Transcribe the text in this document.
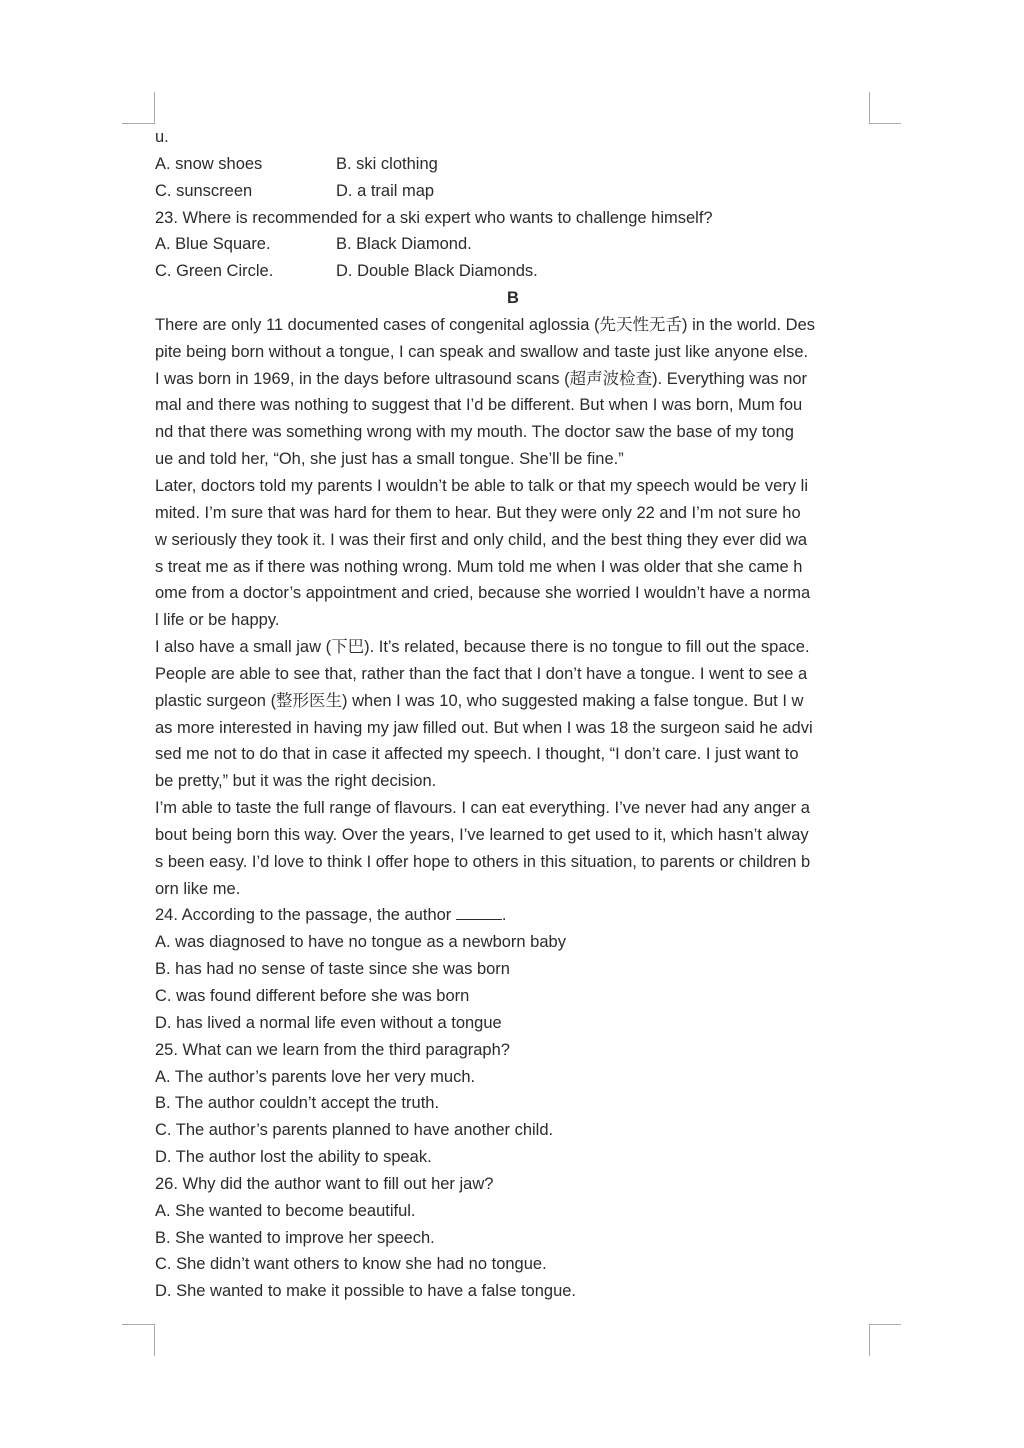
u.
A. snow shoes	B. ski clothing
C. sunscreen	D. a trail map
23. Where is recommended for a ski expert who wants to challenge himself?
A. Blue Square.	B. Black Diamond.
C. Green Circle.	D. Double Black Diamonds.
B
There are only 11 documented cases of congenital aglossia (先天性无舌) in the world. Des
pite being born without a tongue, I can speak and swallow and taste just like anyone else.
I was born in 1969, in the days before ultrasound scans (超声波检查). Everything was nor
mal and there was nothing to suggest that I’d be different. But when I was born, Mum fou
nd that there was something wrong with my mouth. The doctor saw the base of my tong
ue and told her, “Oh, she just has a small tongue. She’ll be fine.”
Later, doctors told my parents I wouldn’t be able to talk or that my speech would be very li
mited. I’m sure that was hard for them to hear. But they were only 22 and I’m not sure ho
w seriously they took it. I was their first and only child, and the best thing they ever did wa
s treat me as if there was nothing wrong. Mum told me when I was older that she came h
ome from a doctor’s appointment and cried, because she worried I wouldn’t have a norma
l life or be happy.
I also have a small jaw (下巴). It’s related, because there is no tongue to fill out the space.
People are able to see that, rather than the fact that I don’t have a tongue. I went to see a
plastic surgeon (整形医生) when I was 10, who suggested making a false tongue. But I w
as more interested in having my jaw filled out. But when I was 18 the surgeon said he advi
sed me not to do that in case it affected my speech. I thought, “I don’t care. I just want to
be pretty,” but it was the right decision.
I’m able to taste the full range of flavours. I can eat everything. I’ve never had any anger a
bout being born this way. Over the years, I’ve learned to get used to it, which hasn’t alway
s been easy. I’d love to think I offer hope to others in this situation, to parents or children b
orn like me.
24. According to the passage, the author	.
A. was diagnosed to have no tongue as a newborn baby
B. has had no sense of taste since she was born
C. was found different before she was born
D. has lived a normal life even without a tongue
25. What can we learn from the third paragraph?
A. The author’s parents love her very much.
B. The author couldn’t accept the truth.
C. The author’s parents planned to have another child.
D. The author lost the ability to speak.
26. Why did the author want to fill out her jaw?
A. She wanted to become beautiful.
B. She wanted to improve her speech.
C. She didn’t want others to know she had no tongue.
D. She wanted to make it possible to have a false tongue.
